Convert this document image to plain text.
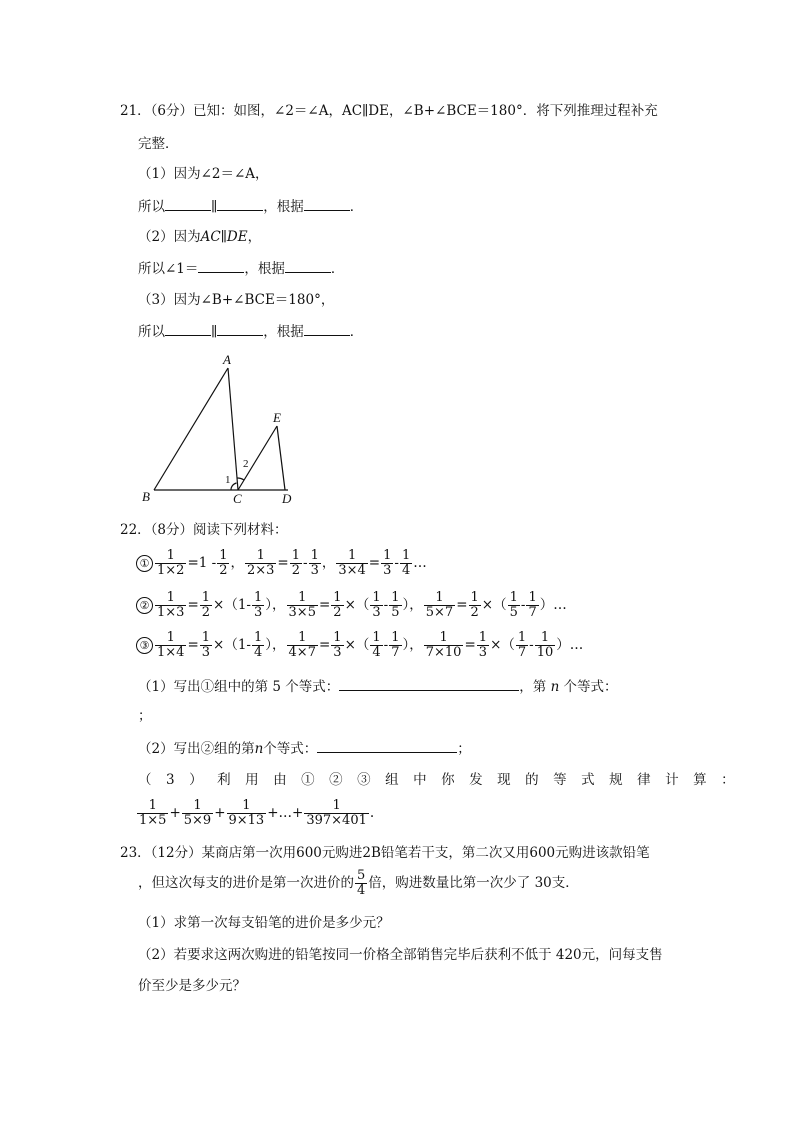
21．（6分）已知：如图，∠2＝∠A，AC∥DE，∠B+∠BCE＝180°．将下列推理过程补充
完整．
（1）因为∠2＝∠A，
所以	∥	，根据	．
（2）因为AC∥DE，
所以∠1＝	，根据	．
（3）因为∠B+∠BCE＝180°，
所以	∥	，根据	．
A
B	C	D
E
1
2
22．（8分）阅读下列材料：
① $\frac{1}{1\times 2} =1 - 1$
2 ， $\frac{1}{2\times 3} = \frac{1}{2} - 1$
3 ， $\frac{1}{3\times 4} = \frac{1}{3} - 1$
4 …
② $\frac{1}{1\times 3} = \frac{1}{2} \times(1-$ 1
3 ）， $\frac{1}{3\times 5} = \frac{1}{2}$ ×（ 1
3 - 1
5 ）， $\frac{1}{5\times 7} = \frac{1}{2}$ ×（ 1
5 - 1
7 ）…
③ $\frac{1}{1\times 4} = \frac{1}{3} \times(1-$ 1
4 ）， $\frac{1}{4\times 7} = \frac{1}{3}$ ×（ 1
4 - 1
7 ）， $\frac{1}{7\times 10} = \frac{1}{3}$ ×（ 1
7 - 1
10 ）…
（1）写出①组中的第 5 个等式：	，第 n 个等式：
；
（2）写出②组的第n个等式：	；
（3）利用由①②③组中你发现的等式规律计算：
1
$1\times 5 + \frac{1}{5\times 9} + \frac{1}{9\times 13}$ +…+ $\frac{1}{397\times 401}$ .
23．（12分）某商店第一次用600元购进2B铅笔若干支，第二次又用600元购进该款铅笔
，但这次每支的进价是第一次进价的 5
4 倍，购进数量比第一次少了 30支．
（1）求第一次每支铅笔的进价是多少元？
（2）若要求这两次购进的铅笔按同一价格全部销售完毕后获利不低于 420元，问每支售
价至少是多少元？
